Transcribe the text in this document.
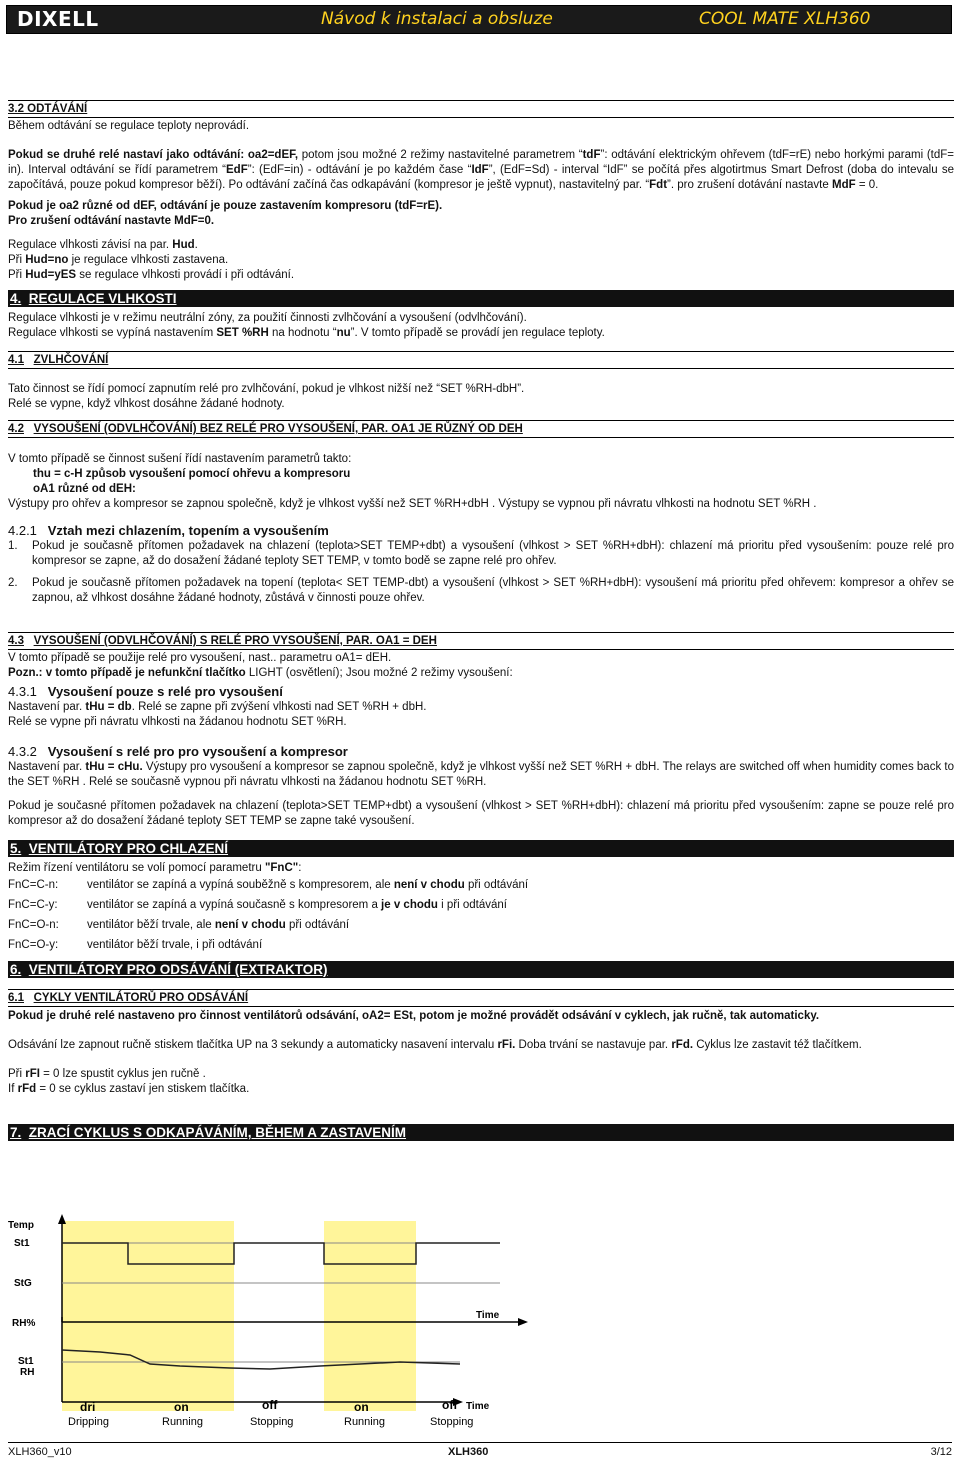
DIXELL	Návod k instalaci a obsluze	COOL MATE XLH360
3.2 ODTÁVÁNÍ

Během odtávání se regulace teploty neprovádí.

Pokud se druhé relé nastaví jako odtávání: oa2=dEF, potom jsou možné 2 režimy nastavitelné parametrem “tdF”: odtávání elektrickým ohřevem (tdF=rE) nebo horkými parami (tdF= in). Interval odtávání se řídí parametrem “EdF”: (EdF=in) - odtávání je po každém čase “IdF”, (EdF=Sd) - interval “IdF” se počítá přes algotirtmus Smart Defrost (doba do intevalu se započítává, pouze pokud kompresor běží). Po odtávání začíná čas odkapávání (kompresor je ještě vypnut), nastavitelný par. “Fdt”. pro zrušení dotávání nastavte MdF = 0.

Pokud je oa2 různé od dEF, odtávání je pouze zastavením kompresoru (tdF=rE).

Pro zrušení odtávání nastavte MdF=0.

Regulace vlhkosti závisí na par. Hud.

Při Hud=no je regulace vlhkosti zastavena.

Při Hud=yES se regulace vlhkosti provádí i při odtávání.

4. REGULACE VLHKOSTI

Regulace vlhkosti je v režimu neutrální zóny, za použití činnosti zvlhčování a vysoušení (odvlhčování).

Regulace vlhkosti se vypíná nastavením SET %RH na hodnotu “nu”. V tomto případě se provádí jen regulace teploty.

4.1 ZVLHČOVÁNÍ

Tato činnost se řídí pomocí zapnutím relé pro zvlhčování, pokud je vlhkost nižší než “SET %RH-dbH”.

Relé se vypne, když vlhkost dosáhne žádané hodnoty.

4.2 VYSOUŠENÍ (ODVLHČOVÁNÍ) BEZ RELÉ PRO VYSOUŠENÍ, PAR. OA1 JE RŮZNÝ OD DEH

V tomto případě se činnost sušení řídí nastavením parametrů takto:

thu = c-H způsob vysoušení pomocí ohřevu a kompresoru

oA1 různé od dEH:

Výstupy pro ohřev a kompresor se zapnou společně, když je vlhkost vyšší než SET %RH+dbH . Výstupy se vypnou při návratu vlhkosti na hodnotu SET %RH .

4.2.1 Vztah mezi chlazením, topením a vysoušením
1. Pokud je současně přítomen požadavek na chlazení (teplota>SET TEMP+dbt) a vysoušení (vlhkost > SET %RH+dbH): chlazení má prioritu před vysoušením: pouze relé pro kompresor se zapne, až do dosažení žádané teploty SET TEMP, v tomto bodě se zapne relé pro ohřev.
2. Pokud je současně přítomen požadavek na topení (teplota< SET TEMP-dbt) a vysoušení (vlhkost > SET %RH+dbH): vysoušení má prioritu před ohřevem: kompresor a ohřev se zapnou, až vlhkost dosáhne žádané hodnoty, zůstává v činnosti pouze ohřev.
4.3 VYSOUŠENÍ (ODVLHČOVÁNÍ) S RELÉ PRO VYSOUŠENÍ, PAR. OA1 = DEH

V tomto případě se použije relé pro vysoušení, nast.. parametru oA1= dEH.

Pozn.: v tomto případě je nefunkční tlačítko LIGHT (osvětlení); Jsou možné 2 režimy vysoušení:

4.3.1 Vysoušení pouze s relé pro vysoušení

Nastavení par. tHu = db. Relé se zapne při zvýšení vlhkosti nad SET %RH + dbH.

Relé se vypne při návratu vlhkosti na žádanou hodnotu SET %RH.

4.3.2 Vysoušení s relé pro pro vysoušení a kompresor

Nastavení par. tHu = cHu. Výstupy pro vysoušení a kompresor se zapnou společně, když je vlhkost vyšší než SET %RH + dbH. The relays are switched off when humidity comes back to the SET %RH . Relé se současně vypnou při návratu vlhkosti na žádanou hodnotu SET %RH.

Pokud je současné přítomen požadavek na chlazení (teplota>SET TEMP+dbt) a vysoušení (vlhkost > SET %RH+dbH): chlazení má prioritu před vysoušením: zapne se pouze relé pro kompresor až do dosažení žádané teploty SET TEMP se zapne také vysoušení.

5. VENTILÁTORY PRO CHLAZENÍ

Režim řízení ventilátoru se volí pomocí parametru "FnC":

FnC=C-n:	ventilátor se zapíná a vypíná souběžně s kompresorem, ale není v chodu při odtávání
FnC=C-y:	ventilátor se zapíná a vypíná současně s kompresorem a je v chodu i při odtávání
FnC=O-n: ventilátor běží trvale, ale není v chodu při odtávání
FnC=O-y:	ventilátor běží trvale, i při odtávání
6. VENTILÁTORY PRO ODSÁVÁNÍ (EXTRAKTOR)
6.1 CYKLY VENTILÁTORŮ PRO ODSÁVÁNÍ

Pokud je druhé relé nastaveno pro činnost ventilátorů odsávání, oA2= ESt, potom je možné provádět odsávání v cyklech, jak ručně, tak automaticky.

Odsávání lze zapnout ručně stiskem tlačítka UP na 3 sekundy a automaticky nasavení intervalu rFi. Doba trvání se nastavuje par. rFd. Cyklus lze zastavit též tlačítkem.

Při rFI = 0 lze spustit cyklus jen ručně .

If rFd = 0 se cyklus zastaví jen stiskem tlačítka.

7. ZRACÍ CYKLUS S ODKAPÁVÁNÍM, BĚHEM A ZASTAVENÍM
Temp
St1
StG
RH%
Time
St1
RH
Time
dri	on	off	on	off
Dripping	Running	Stopping	Running	Stopping
XLH360_v10	XLH360	3/12
